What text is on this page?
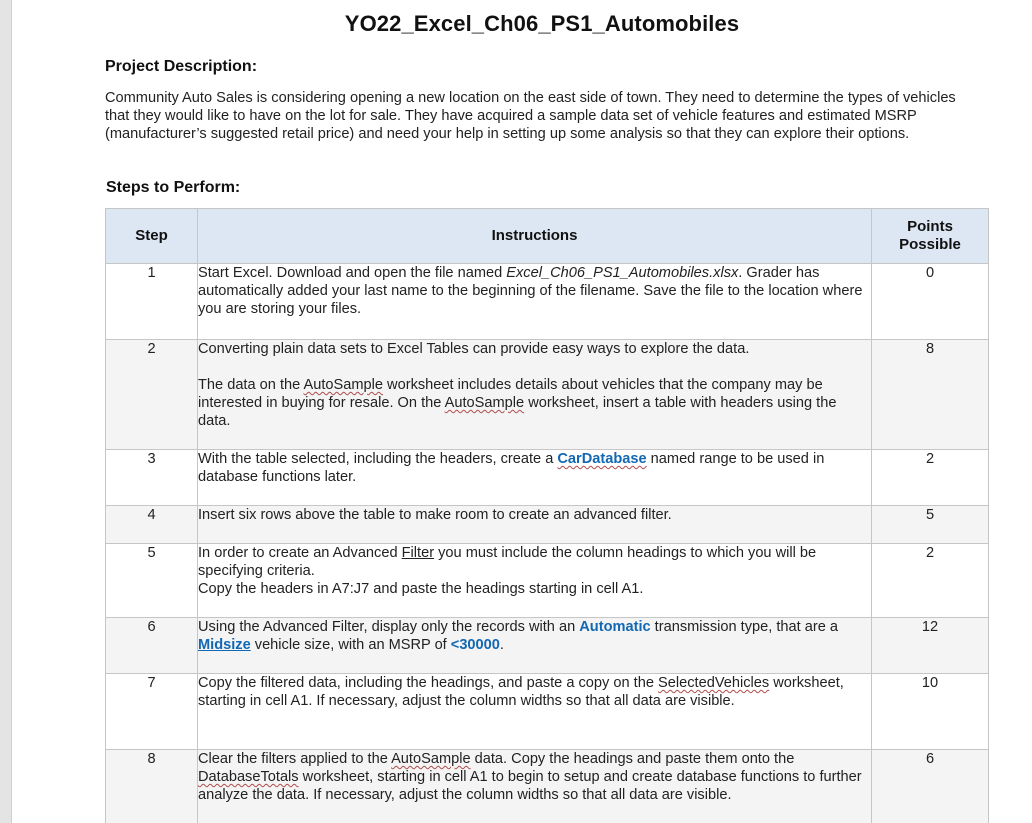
YO22_Excel_Ch06_PS1_Automobiles
Project Description:
Community Auto Sales is considering opening a new location on the east side of town. They need to determine the types of vehicles that they would like to have on the lot for sale. They have acquired a sample data set of vehicle features and estimated MSRP (manufacturer’s suggested retail price) and need your help in setting up some analysis so that they can explore their options.
Steps to Perform:
Step	Instructions	Points Possible

1	Start Excel. Download and open the file named Excel_Ch06_PS1_Automobiles.xlsx. Grader has automatically added your last name to the beginning of the filename. Save the file to the location where you are storing your files.	0
2	Converting plain data sets to Excel Tables can provide easy ways to explore the data.
The data on the AutoSample worksheet includes details about vehicles that the company may be interested in buying for resale. On the AutoSample worksheet, insert a table with headers using the data.	8
3	With the table selected, including the headers, create a CarDatabase named range to be used in database functions later.	2
4	Insert six rows above the table to make room to create an advanced filter.	5
5	In order to create an Advanced Filter you must include the column headings to which you will be specifying criteria.
Copy the headers in A7:J7 and paste the headings starting in cell A1.	2
6	Using the Advanced Filter, display only the records with an Automatic transmission type, that are a Midsize vehicle size, with an MSRP of <30000.	12
7	Copy the filtered data, including the headings, and paste a copy on the SelectedVehicles worksheet, starting in cell A1. If necessary, adjust the column widths so that all data are visible.	10
8	Clear the filters applied to the AutoSample data. Copy the headings and paste them onto the DatabaseTotals worksheet, starting in cell A1 to begin to setup and create database functions to further analyze the data. If necessary, adjust the column widths so that all data are visible.	6
